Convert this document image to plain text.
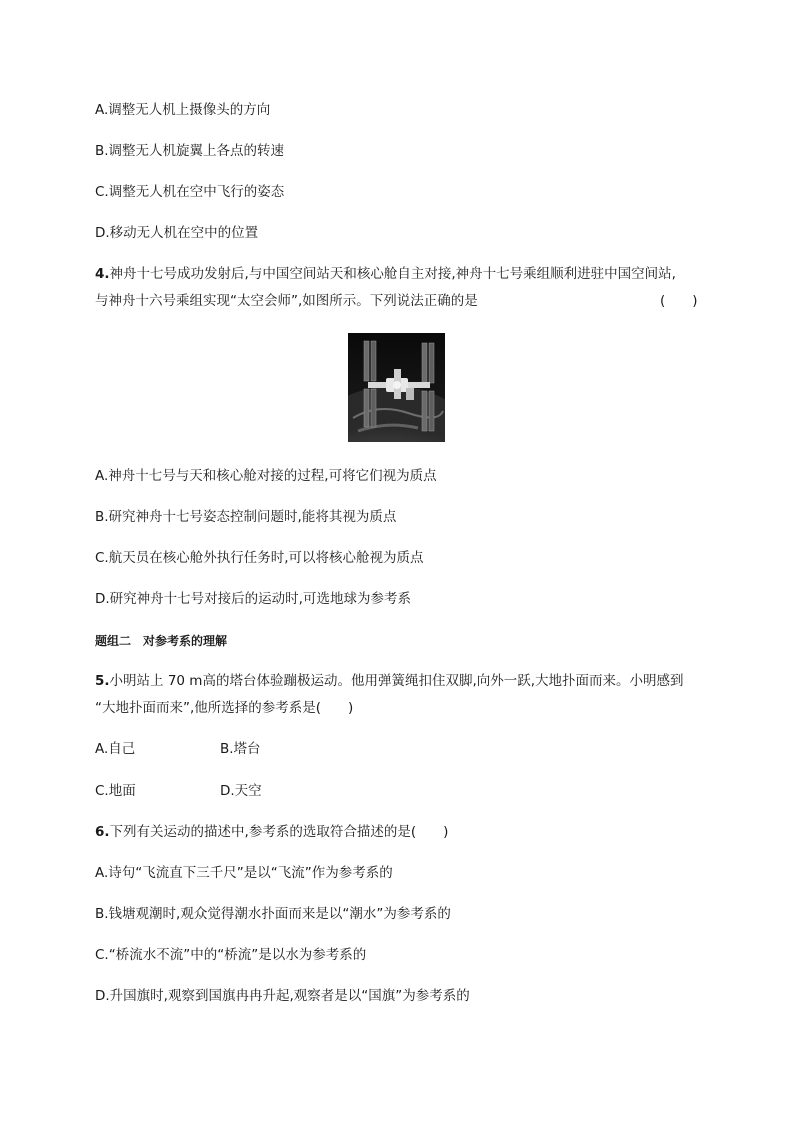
A.调整无人机上摄像头的方向
B.调整无人机旋翼上各点的转速
C.调整无人机在空中飞行的姿态
D.移动无人机在空中的位置
4.神舟十七号成功发射后,与中国空间站天和核心舱自主对接,神舟十七号乘组顺利进驻中国空间站,
与神舟十六号乘组实现“太空会师”,如图所示。下列说法正确的是	(　　)
A.神舟十七号与天和核心舱对接的过程,可将它们视为质点
B.研究神舟十七号姿态控制问题时,能将其视为质点
C.航天员在核心舱外执行任务时,可以将核心舱视为质点
D.研究神舟十七号对接后的运动时,可选地球为参考系
题组二　对参考系的理解
5.小明站上 70 m高的塔台体验蹦极运动。他用弹簧绳扣住双脚,向外一跃,大地扑面而来。小明感到
“大地扑面而来”,他所选择的参考系是(　　)
A.自己	B.塔台
C.地面	D.天空
6.下列有关运动的描述中,参考系的选取符合描述的是(　　)
A.诗句“飞流直下三千尺”是以“飞流”作为参考系的
B.钱塘观潮时,观众觉得潮水扑面而来是以“潮水”为参考系的
C.“桥流水不流”中的“桥流”是以水为参考系的
D.升国旗时,观察到国旗冉冉升起,观察者是以“国旗”为参考系的
